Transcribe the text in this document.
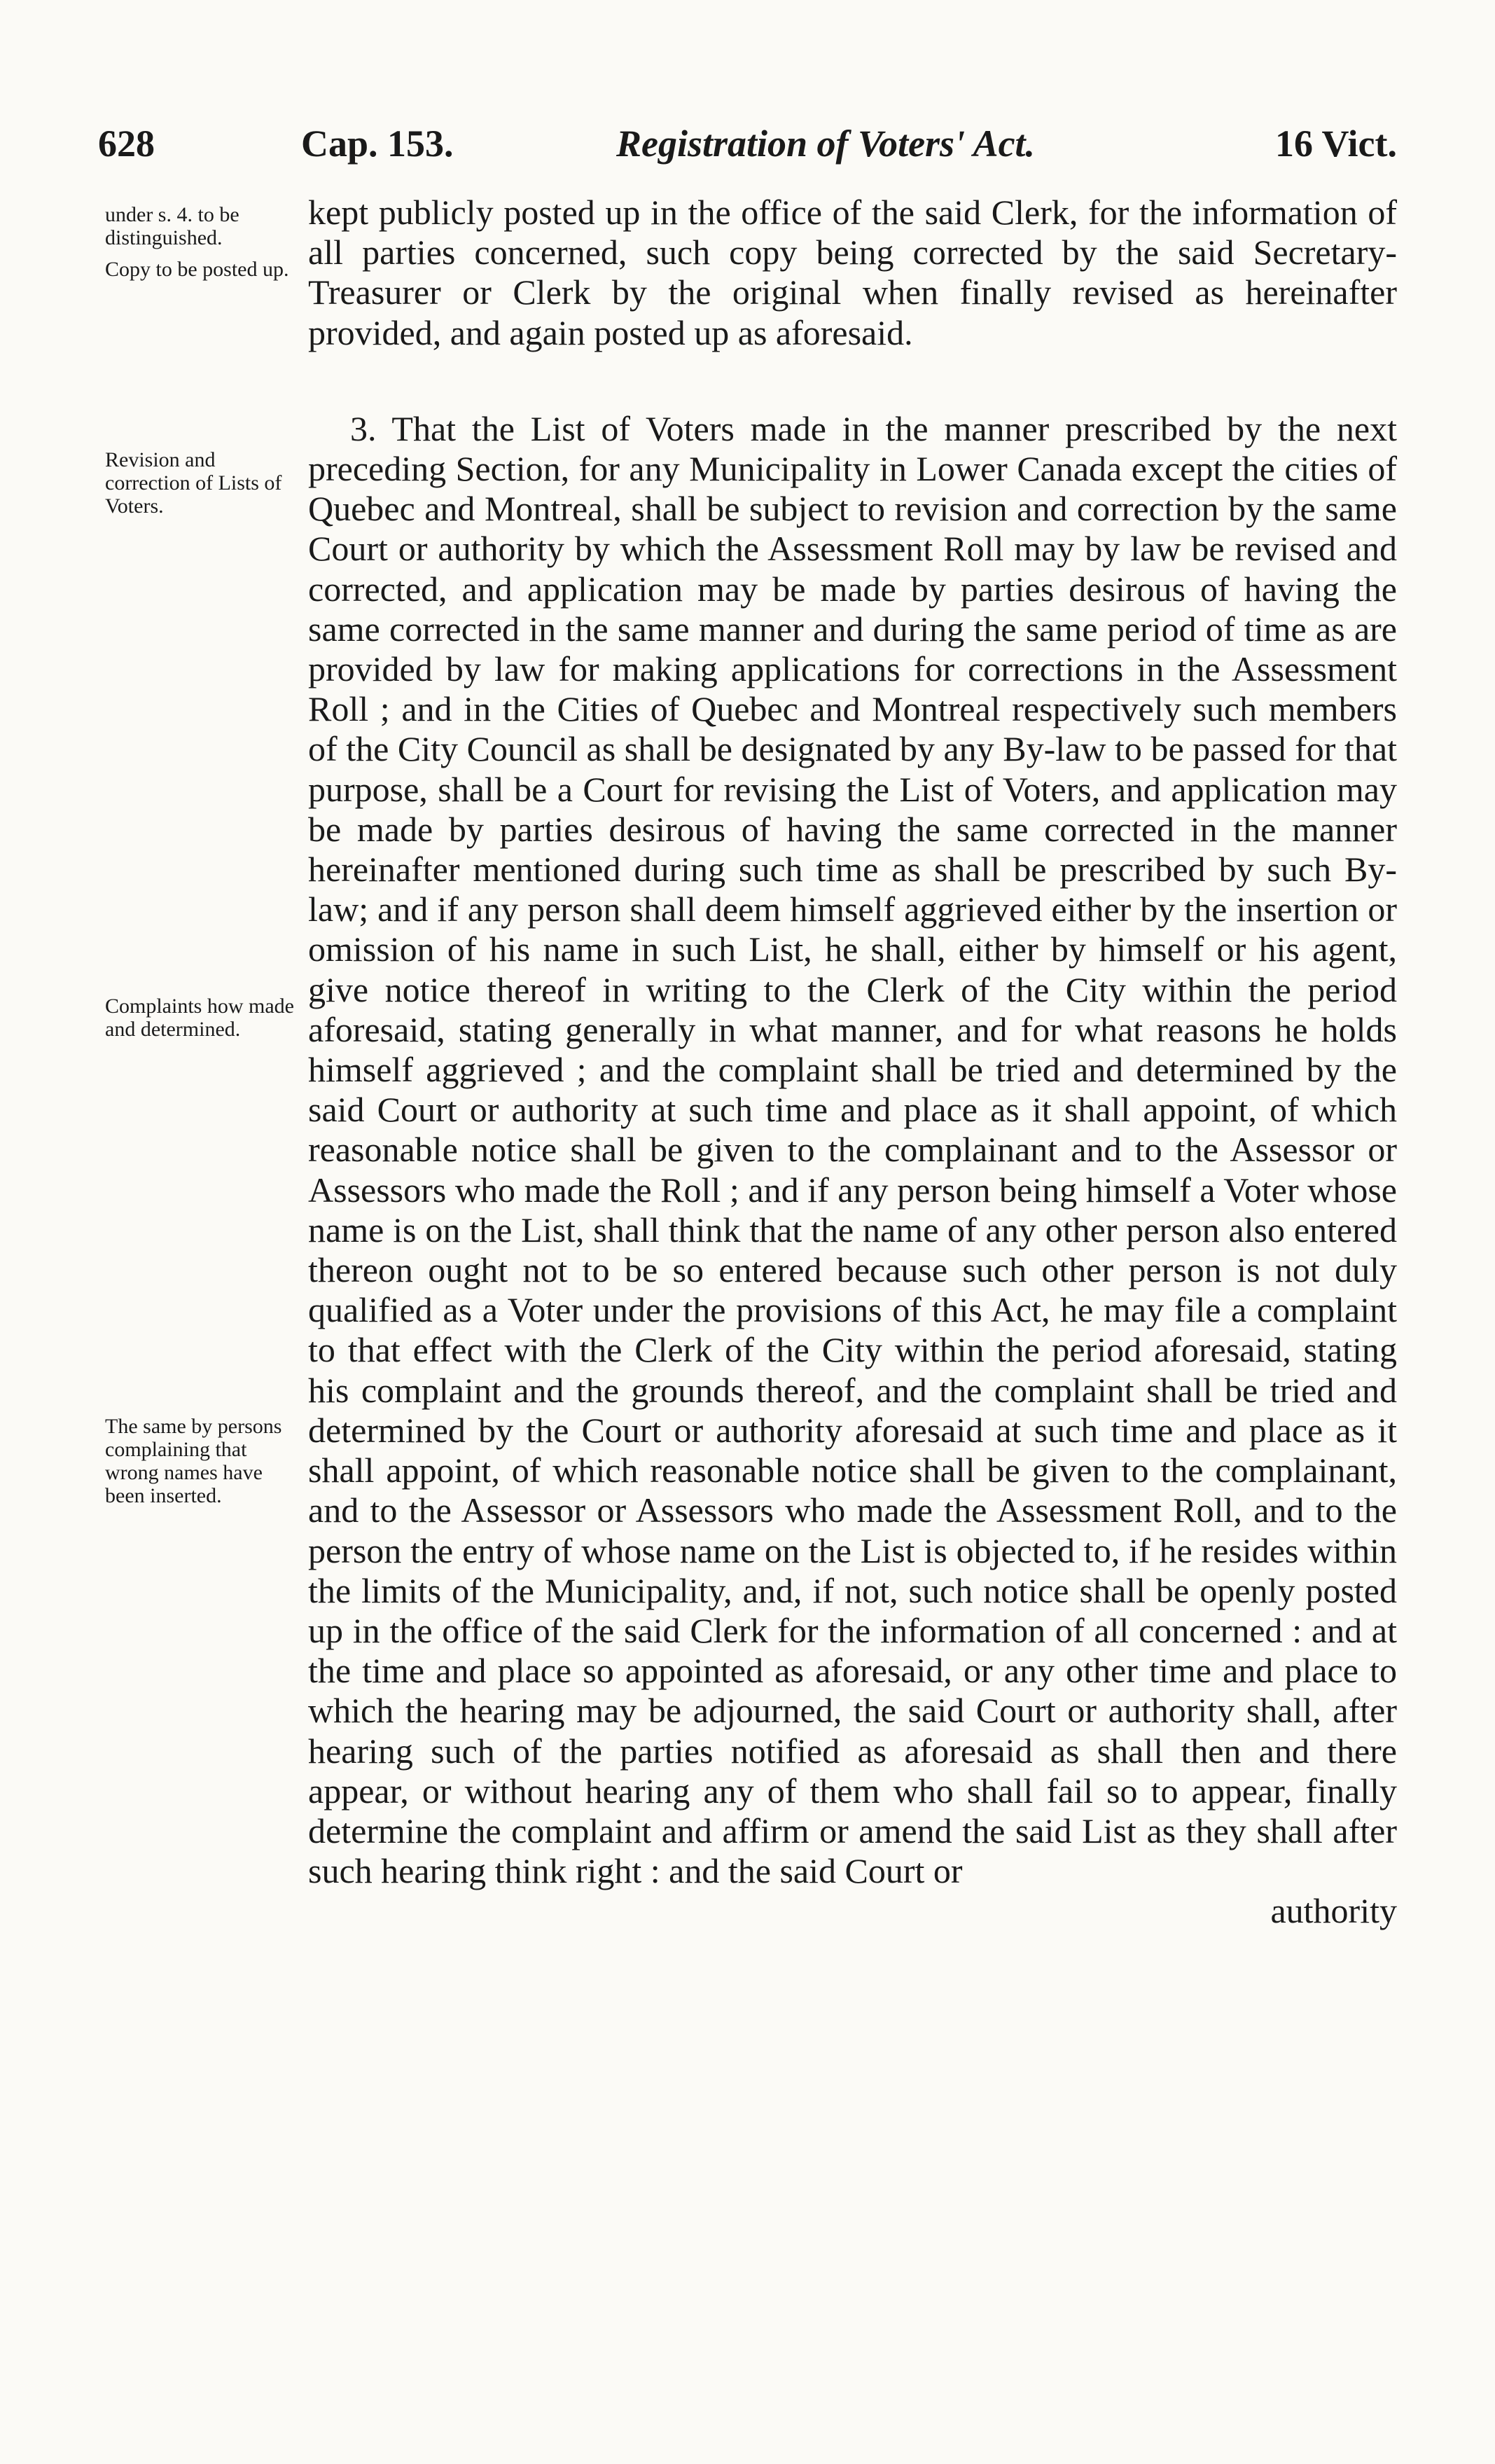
628	Cap. 153.	Registration of Voters' Act.	16 Vict.

under s. 4. to be distinguished.

Copy to be posted up.

Revision and correction of Lists of Voters.

Complaints how made and determined.

The same by persons complaining that wrong names have been inserted.

kept publicly posted up in the office of the said Clerk, for the information of all parties concerned, such copy being corrected by the said Secretary-Treasurer or Clerk by the original when finally revised as hereinafter provided, and again posted up as aforesaid.

3. That the List of Voters made in the manner prescribed by the next preceding Section, for any Municipality in Lower Canada except the cities of Quebec and Montreal, shall be subject to revision and correction by the same Court or authority by which the Assessment Roll may by law be revised and corrected, and application may be made by parties desirous of having the same corrected in the same manner and during the same period of time as are provided by law for making applications for corrections in the Assessment Roll ; and in the Cities of Quebec and Montreal respectively such members of the City Council as shall be designated by any By-law to be passed for that purpose, shall be a Court for revising the List of Voters, and application may be made by parties desirous of having the same corrected in the manner hereinafter mentioned during such time as shall be prescribed by such By-law; and if any person shall deem himself aggrieved either by the insertion or omission of his name in such List, he shall, either by himself or his agent, give notice thereof in writing to the Clerk of the City within the period aforesaid, stating generally in what manner, and for what reasons he holds himself aggrieved ; and the complaint shall be tried and determined by the said Court or authority at such time and place as it shall appoint, of which reasonable notice shall be given to the complainant and to the Assessor or Assessors who made the Roll ; and if any person being himself a Voter whose name is on the List, shall think that the name of any other person also entered thereon ought not to be so entered because such other person is not duly qualified as a Voter under the provisions of this Act, he may file a complaint to that effect with the Clerk of the City within the period aforesaid, stating his complaint and the grounds thereof, and the complaint shall be tried and determined by the Court or authority aforesaid at such time and place as it shall appoint, of which reasonable notice shall be given to the complainant, and to the Assessor or Assessors who made the Assessment Roll, and to the person the entry of whose name on the List is objected to, if he resides within the limits of the Municipality, and, if not, such notice shall be openly posted up in the office of the said Clerk for the information of all concerned : and at the time and place so appointed as aforesaid, or any other time and place to which the hearing may be adjourned, the said Court or authority shall, after hearing such of the parties notified as aforesaid as shall then and there appear, or without hearing any of them who shall fail so to appear, finally determine the complaint and affirm or amend the said List as they shall after such hearing think right : and the said Court or

authority
